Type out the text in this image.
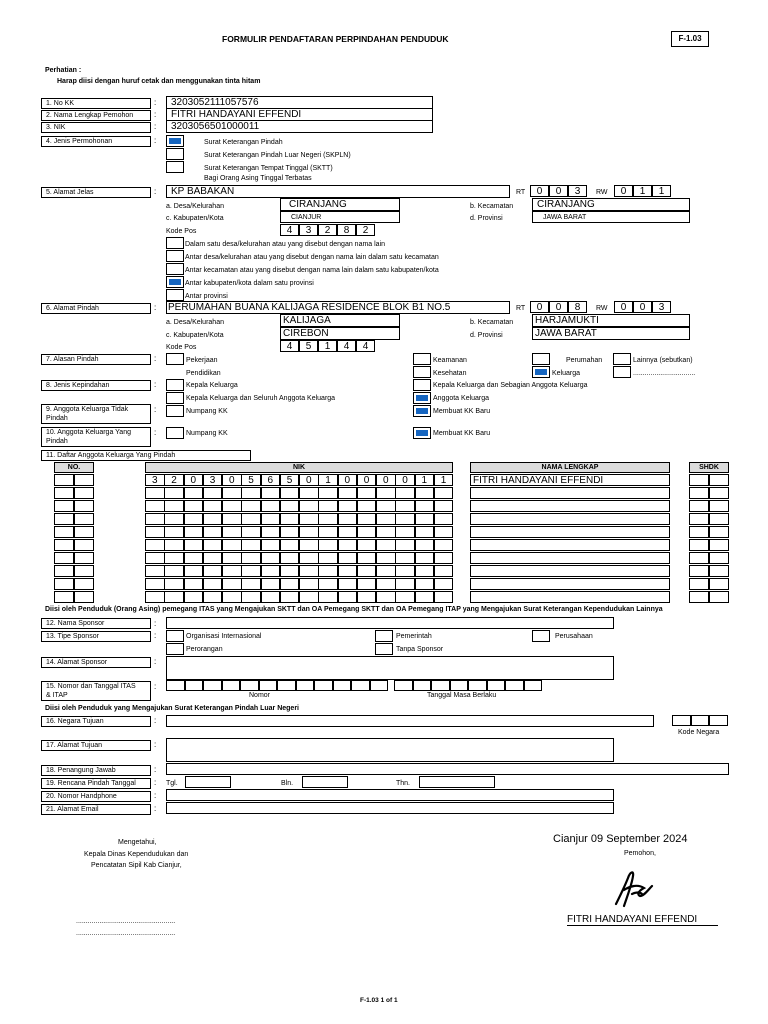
FORMULIR PENDAFTARAN PERPINDAHAN PENDUDUK	F-1.03
Perhatian :
Harap diisi dengan huruf cetak dan menggunakan tinta hitam
1. No KK	:	3203052111057576
2. Nama Lengkap Pemohon	:	FITRI HANDAYANI EFFENDI
3. NIK	:	3203056501000011
4. Jenis Permohonan	:	Surat Keterangan Pindah
Surat Keterangan Pindah Luar Negeri (SKPLN)
Surat Keterangan Tempat Tinggal (SKTT)
Bagi Orang Asing Tinggal Terbatas
5. Alamat Jelas	:	KP BABAKAN	RT	0	0	3	RW	0	1	1
a. Desa/Kelurahan	CIRANJANG	b. Kecamatan	CIRANJANG
c. Kabupaten/Kota	CIANJUR	d. Provinsi	JAWA BARAT
Kode Pos	4	3	2	8	2
Dalam satu desa/kelurahan atau yang disebut dengan nama lain
Antar desa/kelurahan atau yang disebut dengan nama lain dalam satu kecamatan
Antar kecamatan atau yang disebut dengan nama lain dalam satu kabupaten/kota
Antar kabupaten/kota dalam satu provinsi
Antar provinsi
6. Alamat Pindah	: PERUMAHAN BUANA KALIJAGA RESIDENCE BLOK B1 NO.5	RT	0	0	8	RW	0	0	3
a. Desa/Kelurahan	KALIJAGA	b. Kecamatan	HARJAMUKTI
c. Kabupaten/Kota	CIREBON	d. Provinsi	JAWA BARAT
Kode Pos	4	5	1	4	4
7. Alasan Pindah	:	Pekerjaan
Pendidikan
Keamanan
Kesehatan
Perumahan
Keluarga
Lainnya (sebutkan)
................................
8. Jenis Kepindahan	:	Kepala Keluarga	Kepala Keluarga dan Sebagian Anggota Keluarga
Kepala Keluarga dan Seluruh Anggota Keluarga	Anggota Keluarga
9. Anggota Keluarga Tidak
Pindah
:	Numpang KK	Membuat KK Baru
10. Anggota Keluarga Yang
Pindah
:	Numpang KK	Membuat KK Baru
11. Daftar Anggota Keluarga Yang Pindah
NO.	NIK	NAMA LENGKAP	SHDK
3	2	0	3	0	5	6	5	0	1	0	0	0	0	1	1	FITRI HANDAYANI EFFENDI
Diisi oleh Penduduk (Orang Asing) pemegang ITAS yang Mengajukan SKTT dan OA Pemegang SKTT dan OA Pemegang ITAP yang Mengajukan Surat Keterangan Kependudukan Lainnya
12. Nama Sponsor	:
13. Tipe Sponsor	:	Organisasi Internasional	Pemerintah	Perusahaan
Perorangan	Tanpa Sponsor
14. Alamat Sponsor	:
15. Nomor dan Tanggal ITAS
& ITAP
:
Nomor	Tanggal Masa Berlaku
Diisi oleh Penduduk yang Mengajukan Surat Keterangan Pindah Luar Negeri
16. Negara Tujuan	:
Kode Negara
17. Alamat Tujuan	:
18. Penangung Jawab	:
19. Rencana Pindah Tanggal	: Tgl.	Bln.	Thn.
20. Nomor Handphone	:
21. Alamat Email	:
Mengetahui,
Kepala Dinas Kependudukan dan
Pencatatan Sipil Kab Cianjur,
...................................................
...................................................
Cianjur 09 September 2024
Pemohon,
FITRI HANDAYANI EFFENDI
F-1.03 1 of 1
